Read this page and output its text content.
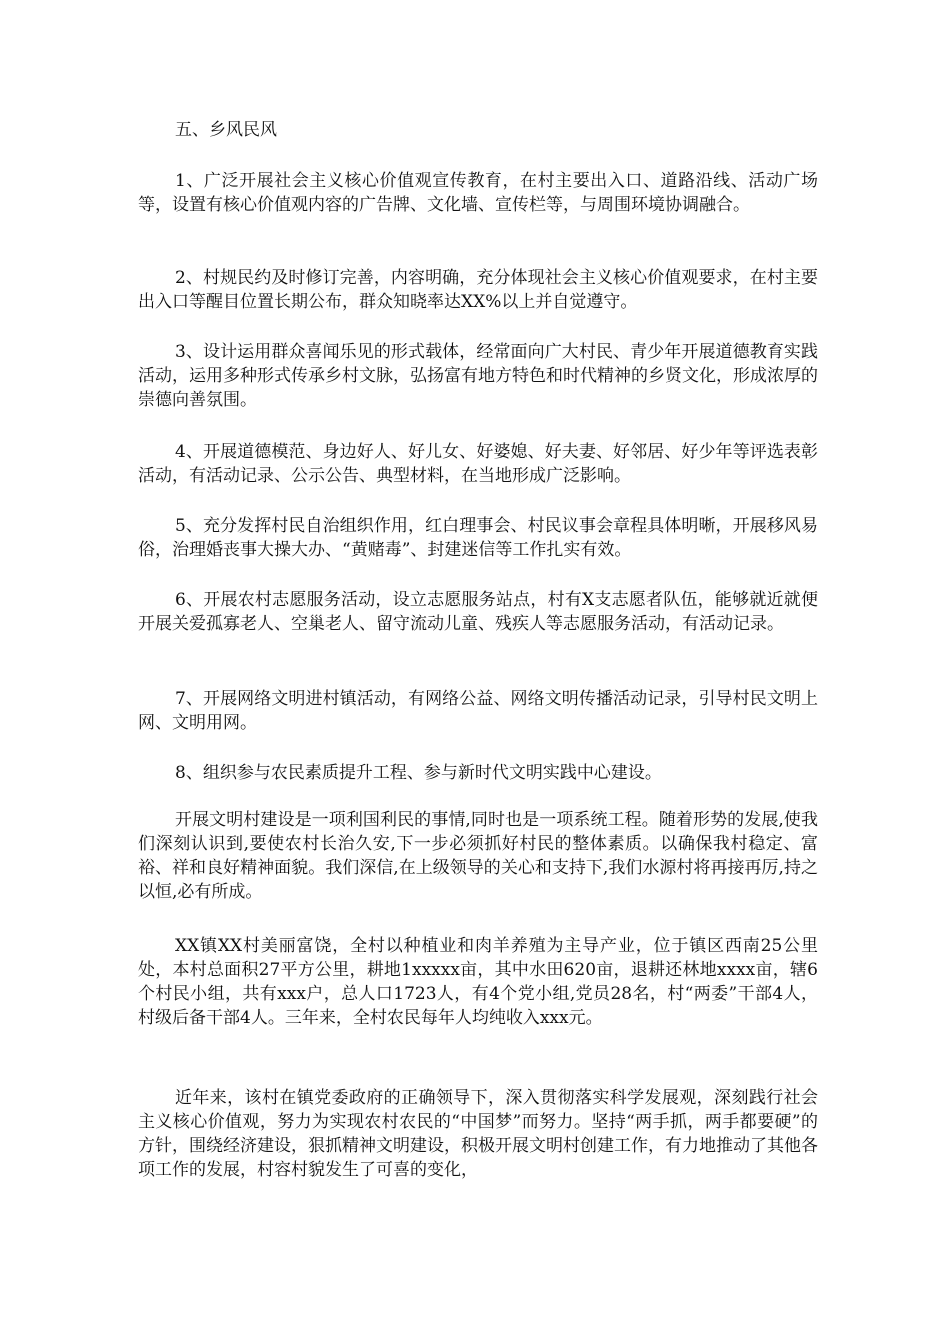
五、乡风民风

1、广泛开展社会主义核心价值观宣传教育，在村主要出入口、道路沿线、活动广场等，设置有核心价值观内容的广告牌、文化墙、宣传栏等，与周围环境协调融合。

2、村规民约及时修订完善，内容明确，充分体现社会主义核心价值观要求，在村主要出入口等醒目位置长期公布，群众知晓率达XX%以上并自觉遵守。

3、设计运用群众喜闻乐见的形式载体，经常面向广大村民、青少年开展道德教育实践活动，运用多种形式传承乡村文脉，弘扬富有地方特色和时代精神的乡贤文化，形成浓厚的崇德向善氛围。

4、开展道德模范、身边好人、好儿女、好婆媳、好夫妻、好邻居、好少年等评选表彰活动，有活动记录、公示公告、典型材料，在当地形成广泛影响。

5、充分发挥村民自治组织作用，红白理事会、村民议事会章程具体明晰，开展移风易俗，治理婚丧事大操大办、“黄赌毒”、封建迷信等工作扎实有效。

6、开展农村志愿服务活动，设立志愿服务站点，村有X支志愿者队伍，能够就近就便开展关爱孤寡老人、空巢老人、留守流动儿童、残疾人等志愿服务活动，有活动记录。

7、开展网络文明进村镇活动，有网络公益、网络文明传播活动记录，引导村民文明上网、文明用网。

8、组织参与农民素质提升工程、参与新时代文明实践中心建设。

开展文明村建设是一项利国利民的事情,同时也是一项系统工程。随着形势的发展,使我们深刻认识到,要使农村长治久安,下一步必须抓好村民的整体素质。以确保我村稳定、富裕、祥和良好精神面貌。我们深信,在上级领导的关心和支持下,我们水源村将再接再厉,持之以恒,必有所成。

XX镇XX村美丽富饶，全村以种植业和肉羊养殖为主导产业，位于镇区西南25公里处，本村总面积27平方公里，耕地1xxxxx亩，其中水田620亩，退耕还林地xxxx亩，辖6个村民小组，共有xxx户，总人口1723人，有4个党小组,党员28名，村“两委”干部4人，村级后备干部4人。三年来，全村农民每年人均纯收入xxx元。

近年来，该村在镇党委政府的正确领导下，深入贯彻落实科学发展观，深刻践行社会主义核心价值观，努力为实现农村农民的“中国梦”而努力。坚持“两手抓，两手都要硬”的方针，围绕经济建设，狠抓精神文明建设，积极开展文明村创建工作，有力地推动了其他各项工作的发展，村容村貌发生了可喜的变化，
